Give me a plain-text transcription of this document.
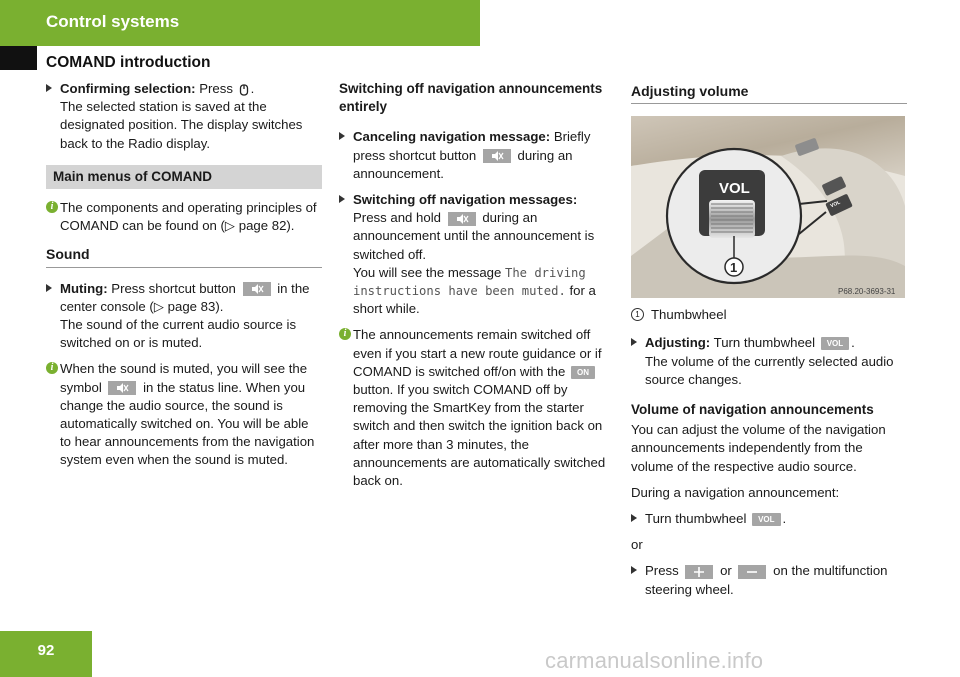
Control systems
COMAND introduction
Confirming selection: Press .
The selected station is saved at the designated position. The display switches back to the Radio display.
Main menus of COMAND
i The components and operating principles of COMAND can be found on (▷ page 82).
Sound
Muting: Press shortcut button	in the center console (▷ page 83).
The sound of the current audio source is switched on or is muted.
i When the sound is muted, you will see the symbol	in the status line. When you change the audio source, the sound is automatically switched on. You will be able to hear announcements from the navigation system even when the sound is muted.
Switching off navigation announcements entirely
Canceling navigation message: Briefly press shortcut button	during an announcement.
Switching off navigation messages:
Press and hold	during an announcement until the announcement is switched off.
You will see the message The driving instructions have been muted. for a short while.
i The announcements remain switched off even if you start a new route guidance or if COMAND is switched off/on with the ON button. If you switch COMAND off by removing the SmartKey from the starter switch and then switch the ignition back on after more than 3 minutes, the announcements are automatically switched back on.
Adjusting volume
VOL
VOL
1
P68.20-3693-31
1 Thumbwheel
Adjusting: Turn thumbwheel VOL .
The volume of the currently selected audio source changes.
Volume of navigation announcements
You can adjust the volume of the navigation announcements independently from the volume of the respective audio source.
During a navigation announcement:
Turn thumbwheel VOL .
or
Press	or	on the multifunction steering wheel.
92	carmanualsonline.info
